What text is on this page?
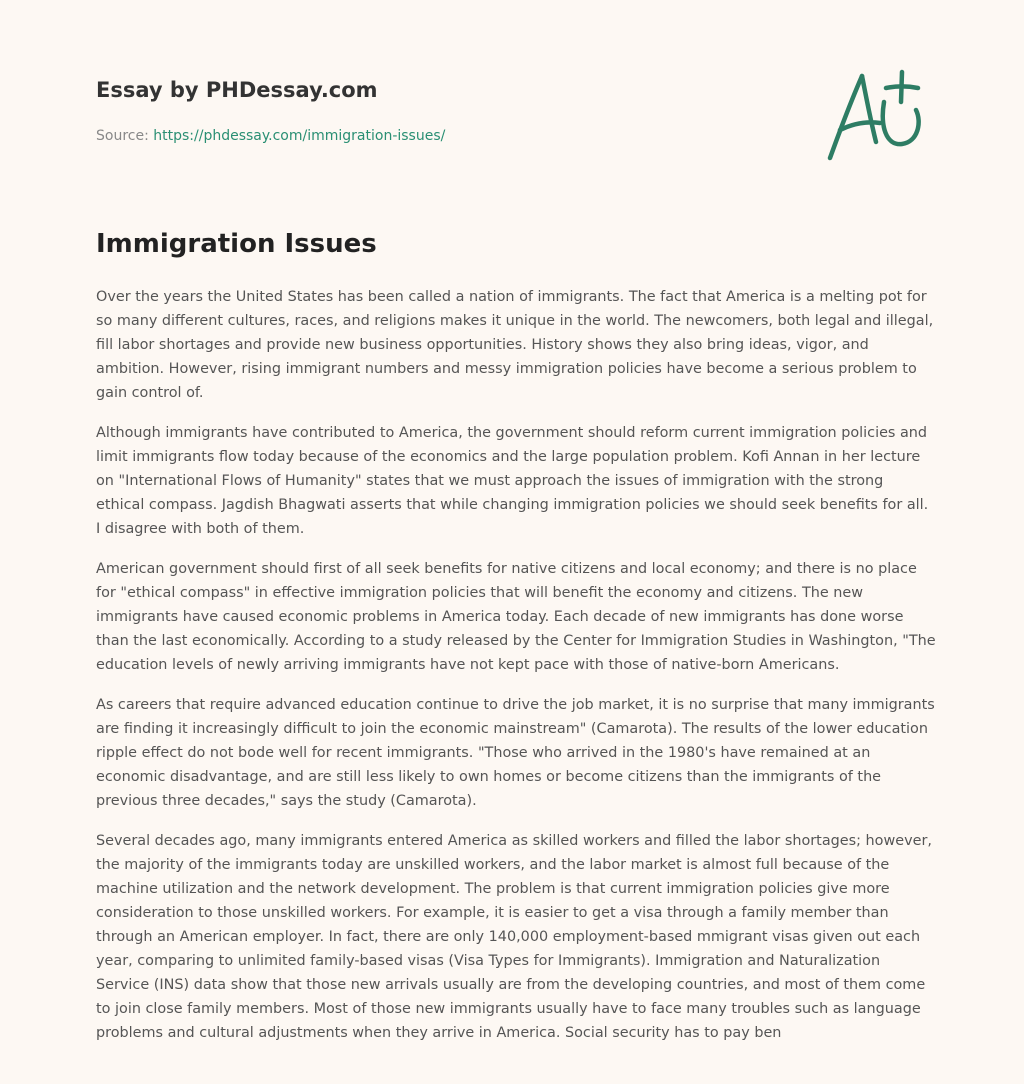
Essay by PHDessay.com
Source: https://phdessay.com/immigration-issues/
Immigration Issues

Over the years the United States has been called a nation of immigrants. The fact that America is a melting pot for so many different cultures, races, and religions makes it unique in the world. The newcomers, both legal and illegal, fill labor shortages and provide new business opportunities. History shows they also bring ideas, vigor, and ambition. However, rising immigrant numbers and messy immigration policies have become a serious problem to gain control of.

Although immigrants have contributed to America, the government should reform current immigration policies and limit immigrants flow today because of the economics and the large population problem. Kofi Annan in her lecture on "International Flows of Humanity" states that we must approach the issues of immigration with the strong ethical compass. Jagdish Bhagwati asserts that while changing immigration policies we should seek benefits for all. I disagree with both of them.

American government should first of all seek benefits for native citizens and local economy; and there is no place for "ethical compass" in effective immigration policies that will benefit the economy and citizens. The new immigrants have caused economic problems in America today. Each decade of new immigrants has done worse than the last economically. According to a study released by the Center for Immigration Studies in Washington, "The education levels of newly arriving immigrants have not kept pace with those of native-born Americans.

As careers that require advanced education continue to drive the job market, it is no surprise that many immigrants are finding it increasingly difficult to join the economic mainstream" (Camarota). The results of the lower education ripple effect do not bode well for recent immigrants. "Those who arrived in the 1980's have remained at an economic disadvantage, and are still less likely to own homes or become citizens than the immigrants of the previous three decades," says the study (Camarota).

Several decades ago, many immigrants entered America as skilled workers and filled the labor shortages; however, the majority of the immigrants today are unskilled workers, and the labor market is almost full because of the machine utilization and the network development. The problem is that current immigration policies give more consideration to those unskilled workers. For example, it is easier to get a visa through a family member than through an American employer. In fact, there are only 140,000 employment-based mmigrant visas given out each year, comparing to unlimited family-based visas (Visa Types for Immigrants). Immigration and Naturalization Service (INS) data show that those new arrivals usually are from the developing countries, and most of them come to join close family members. Most of those new immigrants usually have to face many troubles such as language problems and cultural adjustments when they arrive in America. Social security has to pay ben
